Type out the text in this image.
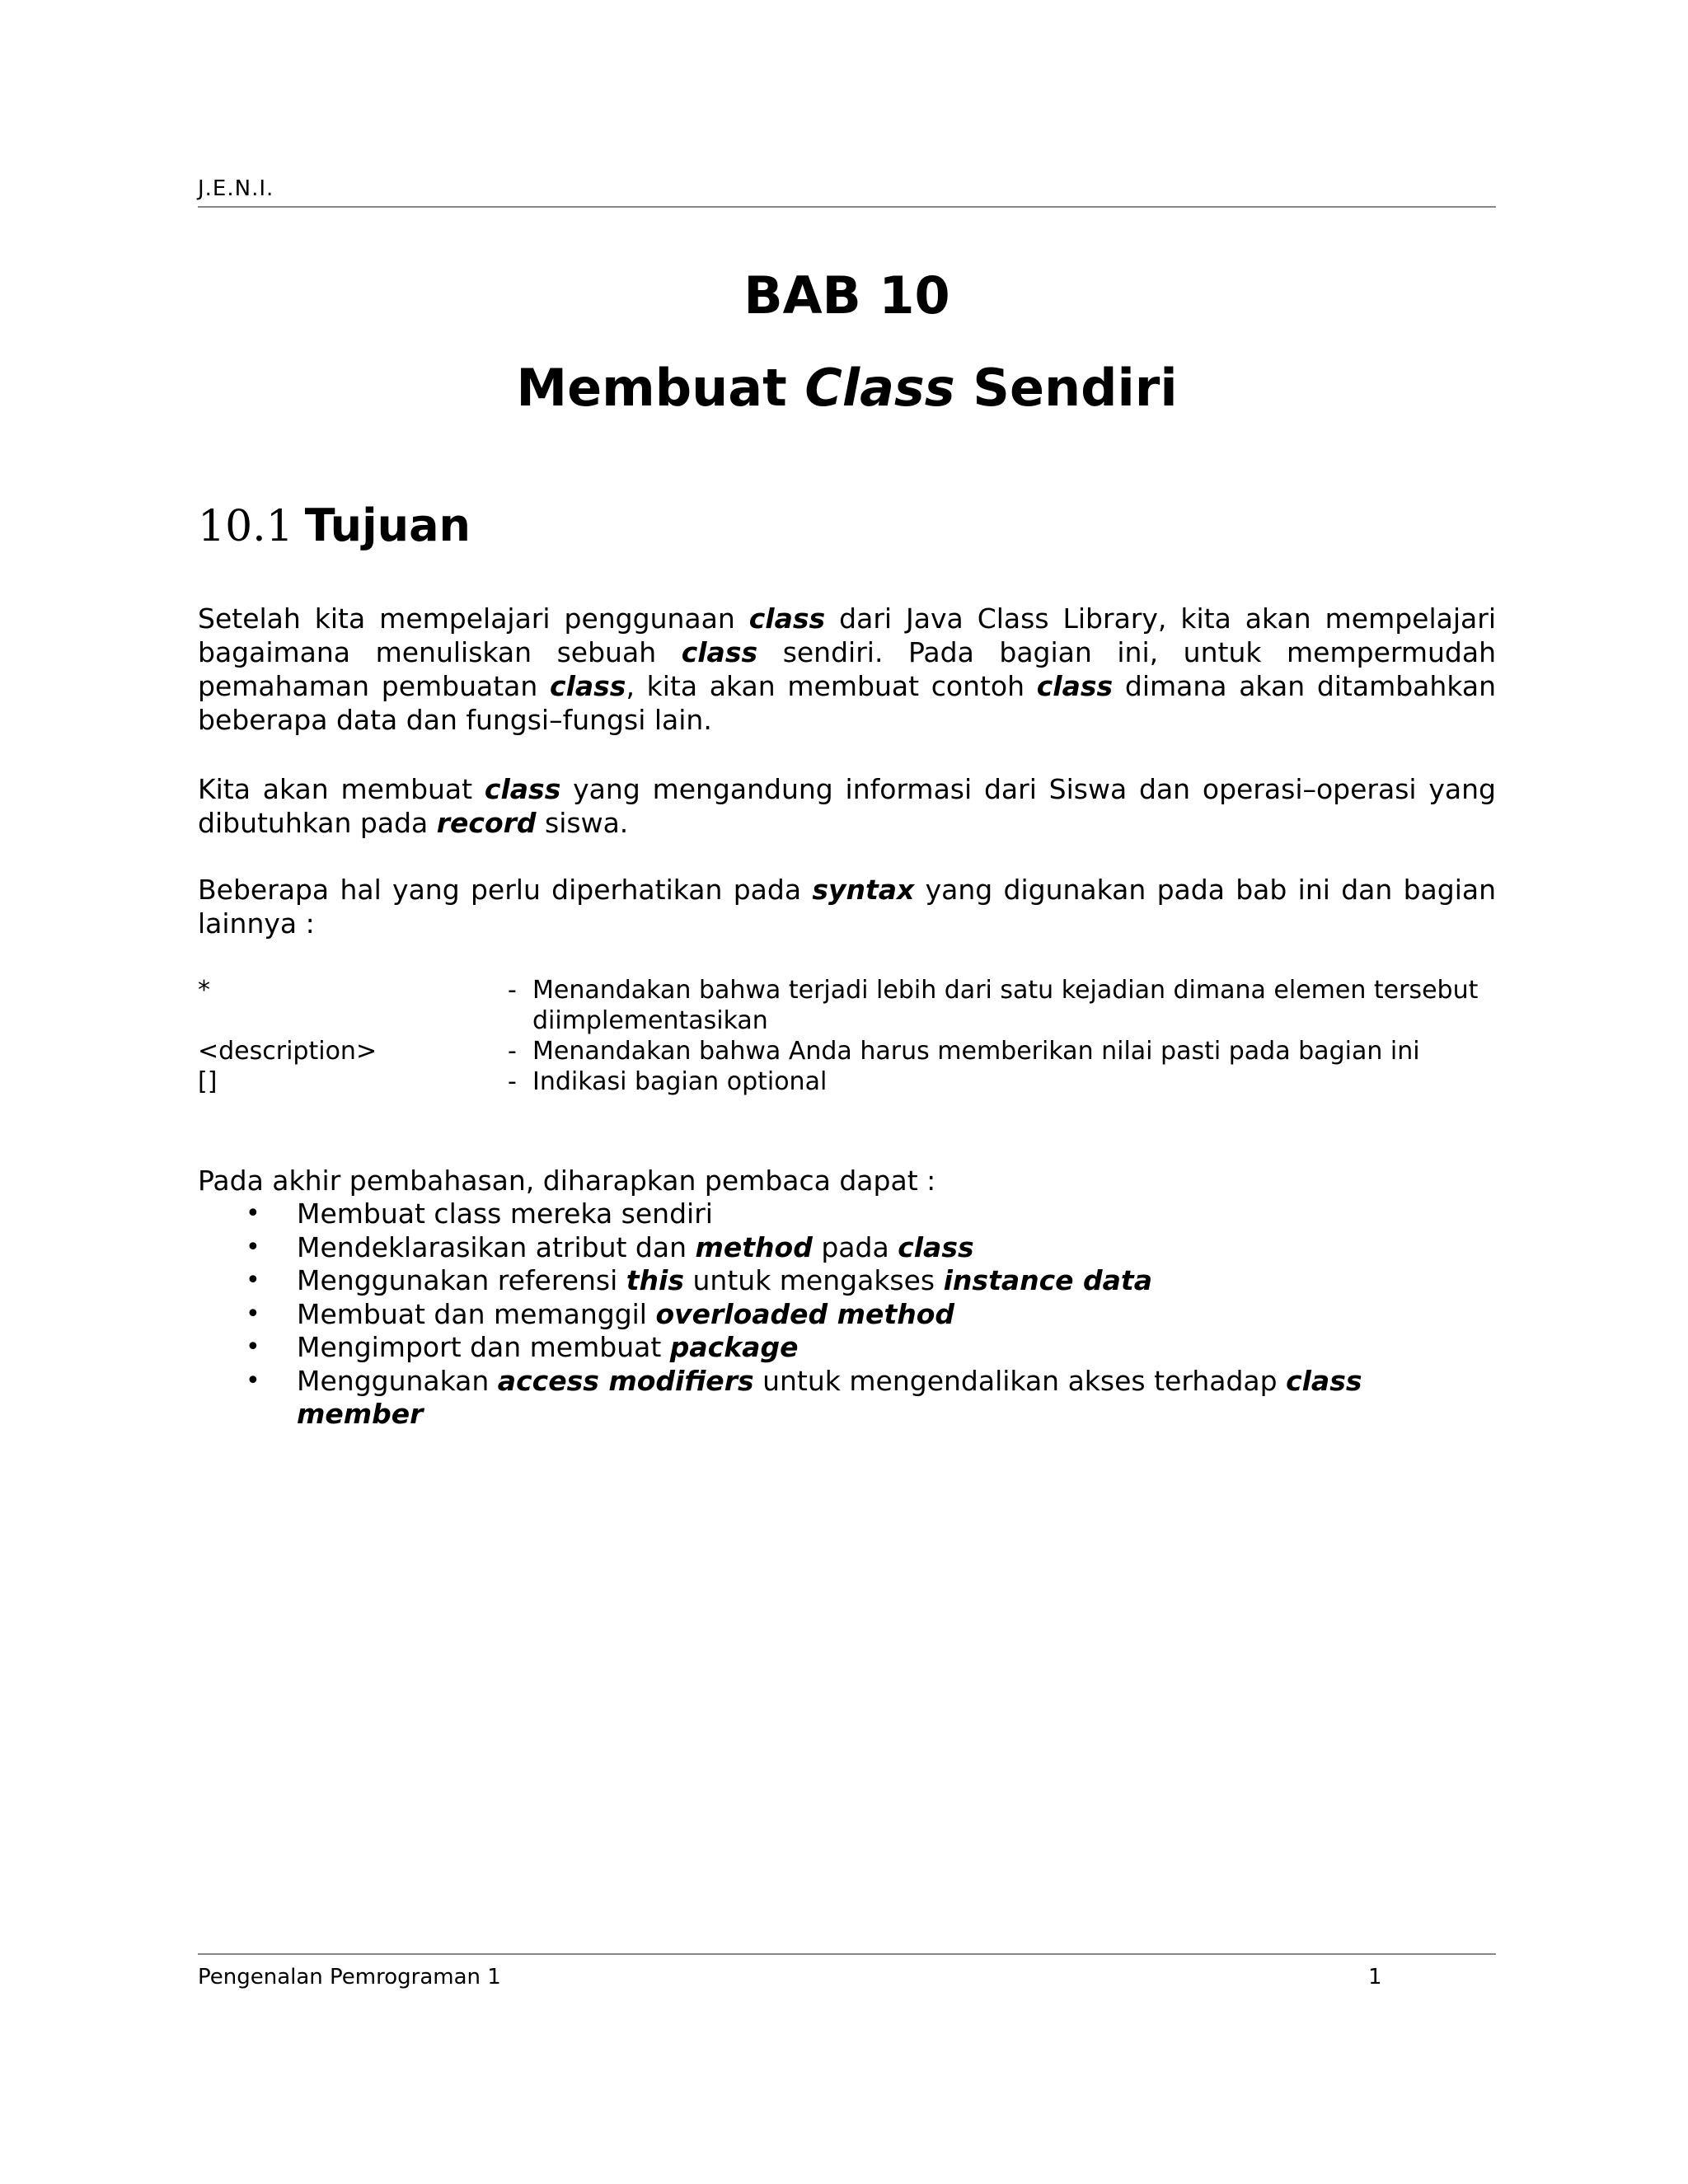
J.E.N.I.
BAB 10
Membuat Class Sendiri
10.1 Tujuan
Setelah kita mempelajari penggunaan class dari Java Class Library, kita akan mempelajari bagaimana menuliskan sebuah class sendiri. Pada bagian ini, untuk mempermudah pemahaman pembuatan class, kita akan membuat contoh class dimana akan ditambahkan beberapa data dan fungsi–fungsi lain.
Kita akan membuat class yang mengandung informasi dari Siswa dan operasi–operasi yang dibutuhkan pada record siswa.
Beberapa hal yang perlu diperhatikan pada syntax yang digunakan pada bab ini dan bagian lainnya :
*	- Menandakan bahwa terjadi lebih dari satu kejadian dimana elemen tersebut diimplementasikan
<description>	- Menandakan bahwa Anda harus memberikan nilai pasti pada bagian ini
[]	- Indikasi bagian optional
Pada akhir pembahasan, diharapkan pembaca dapat :
• Membuat class mereka sendiri
• Mendeklarasikan atribut dan method pada class
• Menggunakan referensi this untuk mengakses instance data
• Membuat dan memanggil overloaded method
• Mengimport dan membuat package
• Menggunakan access modifiers untuk mengendalikan akses terhadap class member
Pengenalan Pemrograman 1	1
